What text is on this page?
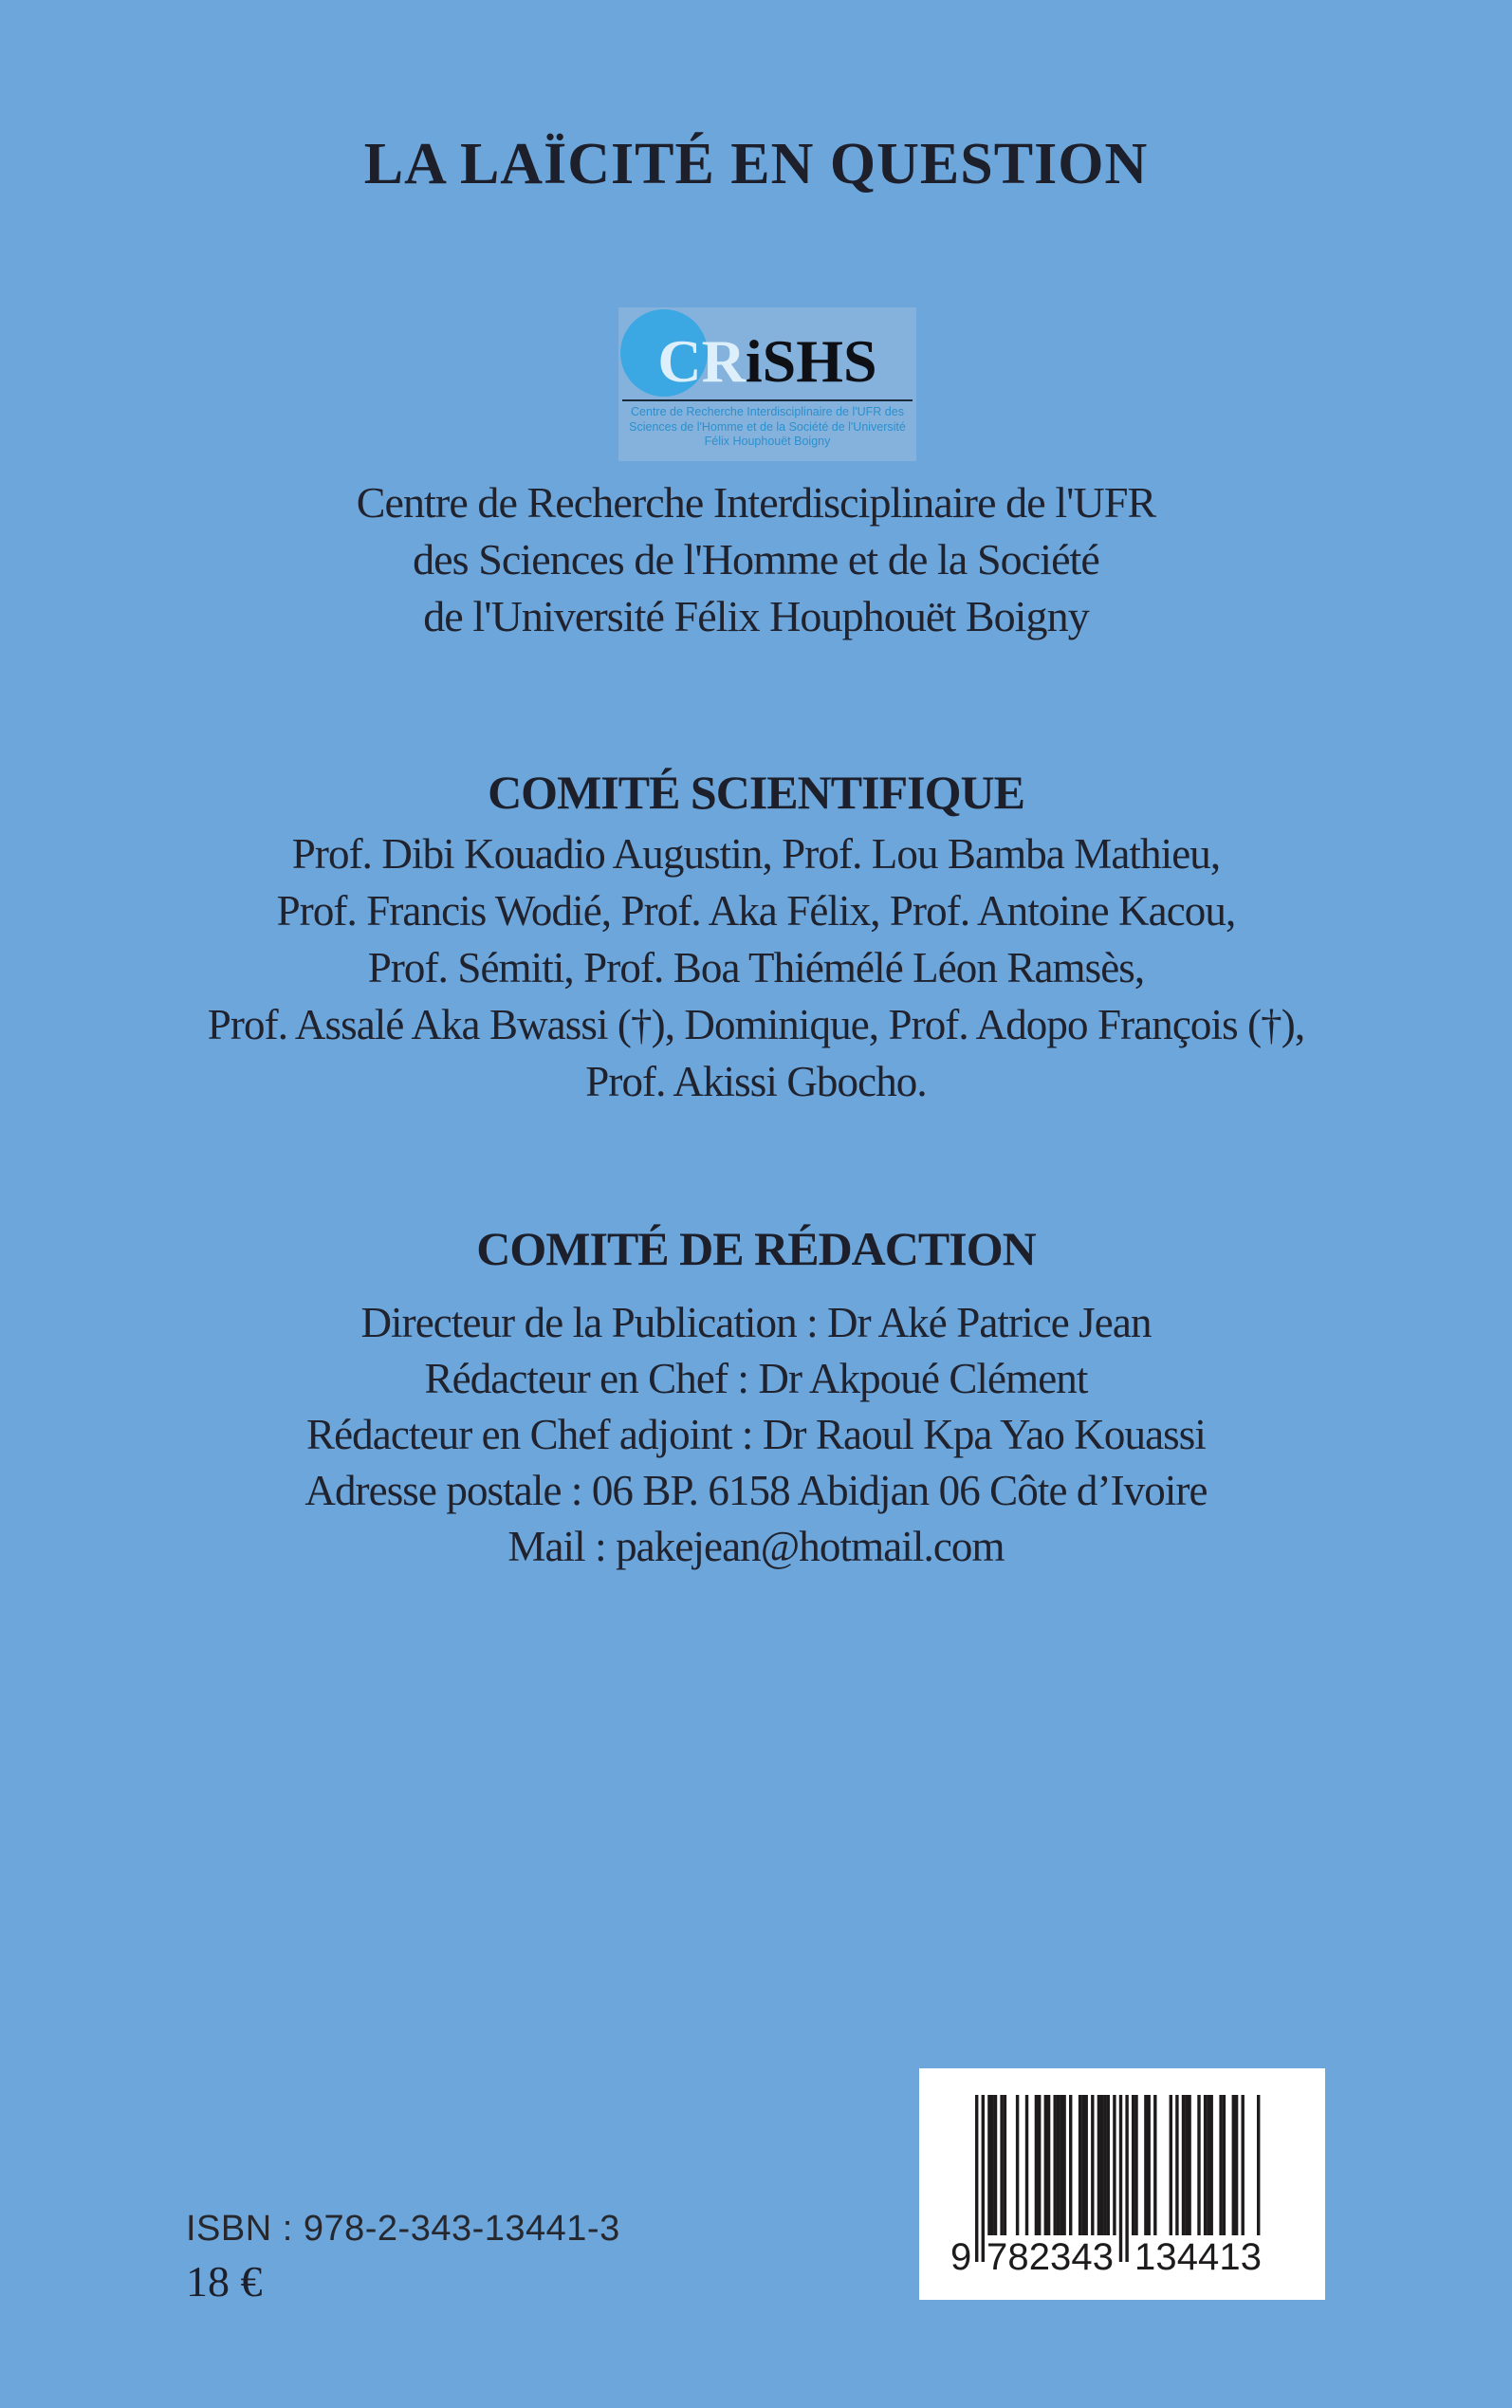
LA LAÏCITÉ EN QUESTION
CRiSHS
Centre de Recherche Interdisciplinaire de l'UFR des
Sciences de l'Homme et de la Société de l'Université
Félix Houphouët Boigny
Centre de Recherche Interdisciplinaire de l'UFR
des Sciences de l'Homme et de la Société
de l'Université Félix Houphouët Boigny
COMITÉ SCIENTIFIQUE
Prof. Dibi Kouadio Augustin, Prof. Lou Bamba Mathieu,
Prof. Francis Wodié, Prof. Aka Félix, Prof. Antoine Kacou,
Prof. Sémiti, Prof. Boa Thiémélé Léon Ramsès,
Prof. Assalé Aka Bwassi (†), Dominique, Prof. Adopo François (†),
Prof. Akissi Gbocho.
COMITÉ DE RÉDACTION
Directeur de la Publication : Dr Aké Patrice Jean
Rédacteur en Chef : Dr Akpoué Clément
Rédacteur en Chef adjoint : Dr Raoul Kpa Yao Kouassi
Adresse postale : 06 BP. 6158 Abidjan 06 Côte d’Ivoire
Mail : pakejean@hotmail.com
ISBN : 978-2-343-13441-3
18 €	9 782343 134413
